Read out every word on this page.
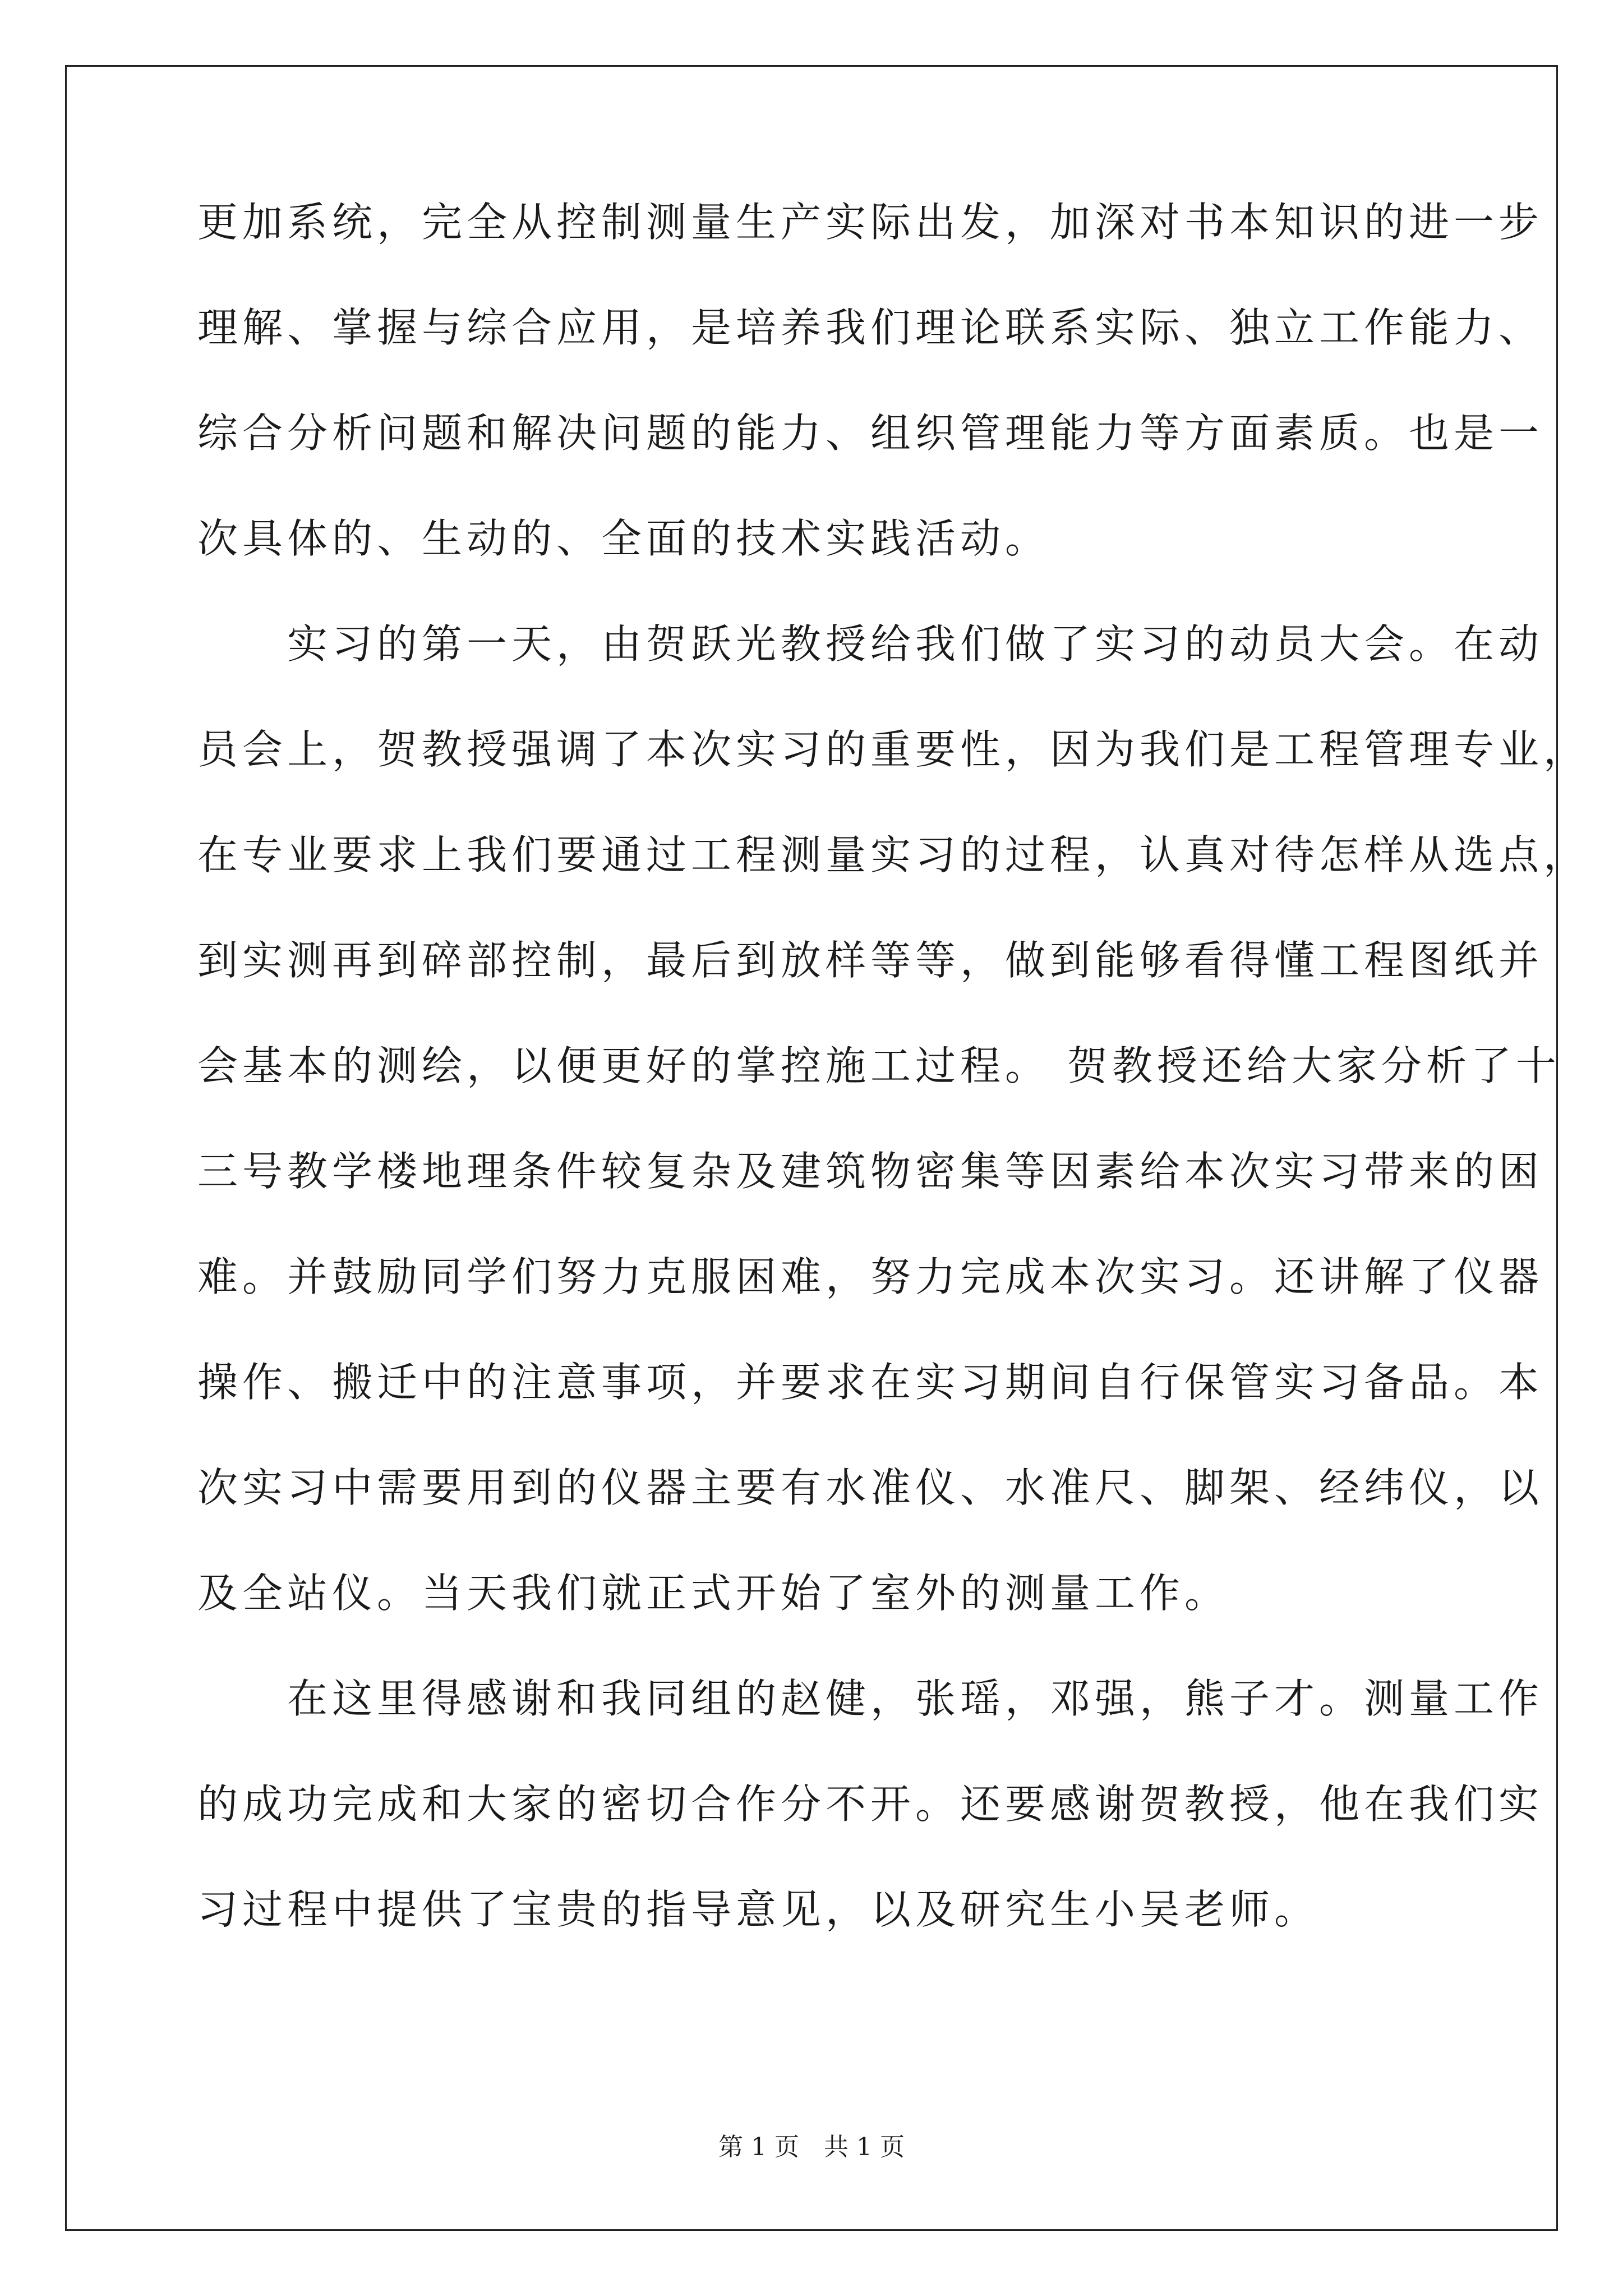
更加系统，完全从控制测量生产实际出发，加深对书本知识的进一步
理解、掌握与综合应用，是培养我们理论联系实际、独立工作能力、
综合分析问题和解决问题的能力、组织管理能力等方面素质。也是一
次具体的、生动的、全面的技术实践活动。
　　实习的第一天，由贺跃光教授给我们做了实习的动员大会。在动
员会上，贺教授强调了本次实习的重要性，因为我们是工程管理专业，
在专业要求上我们要通过工程测量实习的过程，认真对待怎样从选点，
到实测再到碎部控制，最后到放样等等，做到能够看得懂工程图纸并
会基本的测绘，以便更好的掌控施工过程。 贺教授还给大家分析了十
三号教学楼地理条件较复杂及建筑物密集等因素给本次实习带来的困
难。并鼓励同学们努力克服困难，努力完成本次实习。还讲解了仪器
操作、搬迁中的注意事项，并要求在实习期间自行保管实习备品。本
次实习中需要用到的仪器主要有水准仪、水准尺、脚架、经纬仪，以
及全站仪。当天我们就正式开始了室外的测量工作。
　　在这里得感谢和我同组的赵健，张瑶，邓强，熊子才。测量工作
的成功完成和大家的密切合作分不开。还要感谢贺教授，他在我们实
习过程中提供了宝贵的指导意见，以及研究生小吴老师。
第 1 页　共 1 页
